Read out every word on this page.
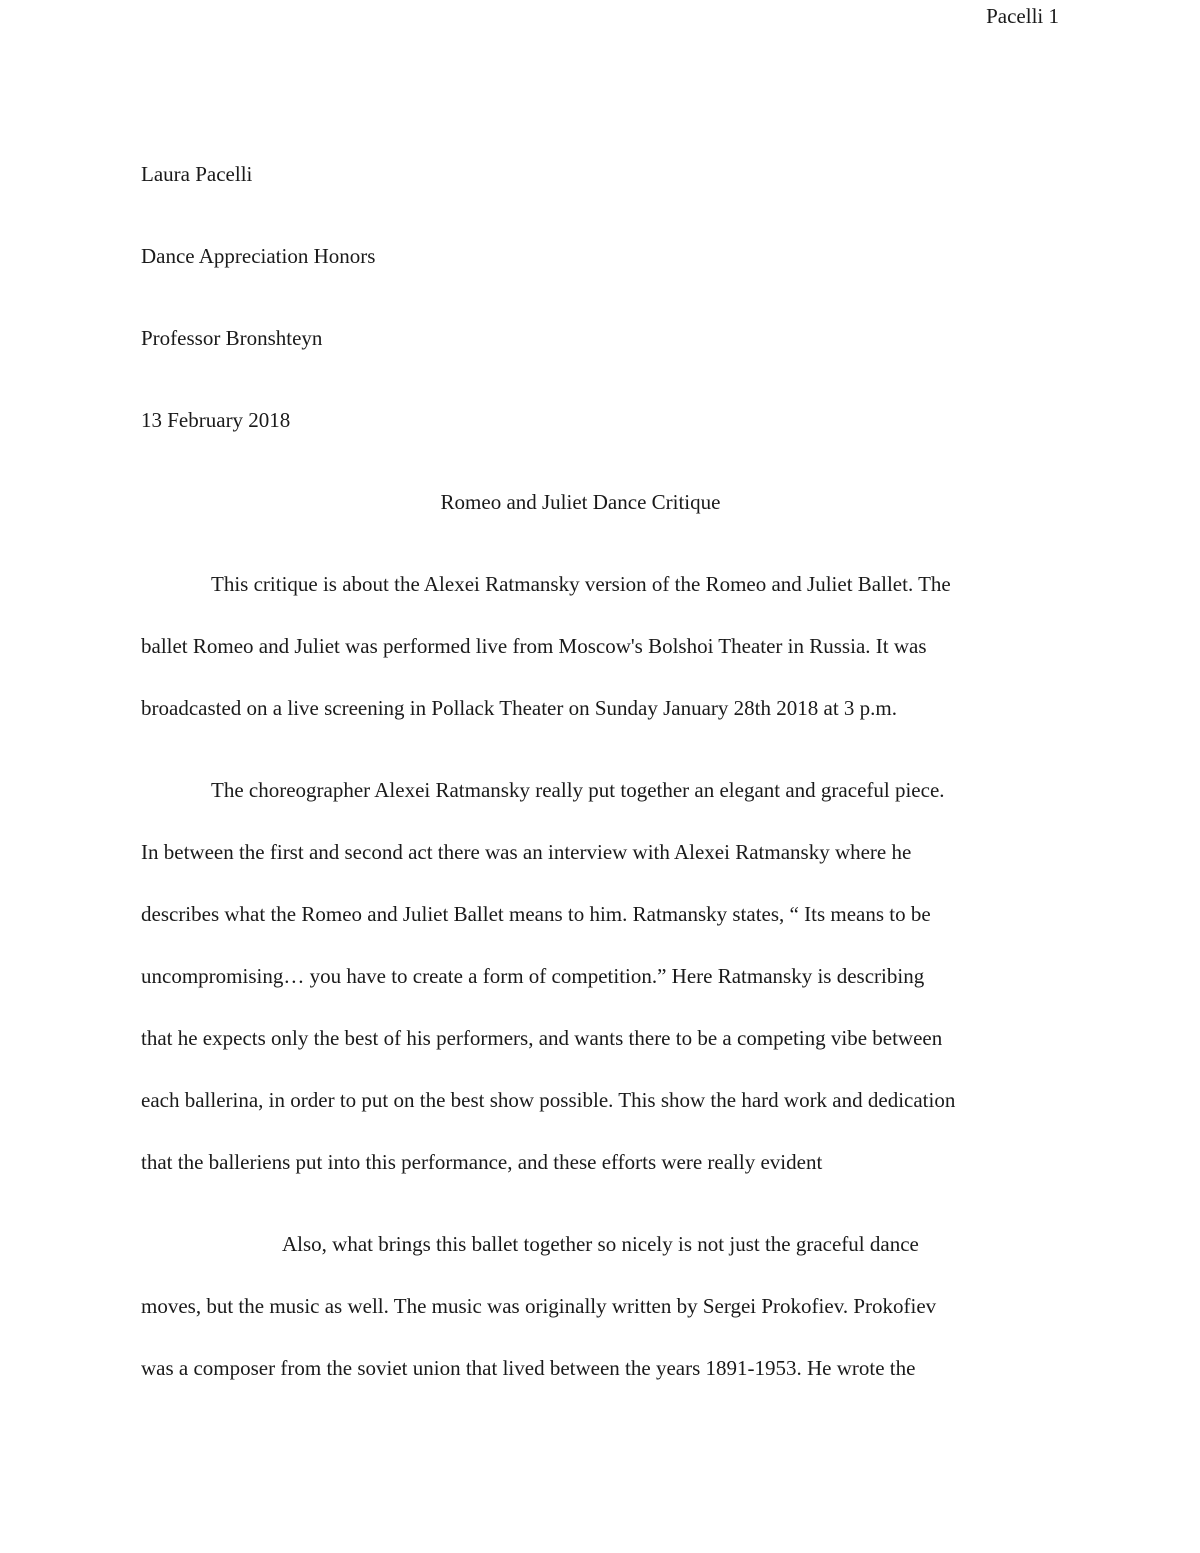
Pacelli 1
Laura Pacelli
Dance Appreciation Honors
Professor Bronshteyn
13 February 2018
Romeo and Juliet Dance Critique
This critique is about the Alexei Ratmansky version of the Romeo and Juliet Ballet. The
ballet Romeo and Juliet was performed live from Moscow's Bolshoi Theater in Russia. It was
broadcasted on a live screening in Pollack Theater on Sunday January 28th 2018 at 3 p.m.
The choreographer Alexei Ratmansky really put together an elegant and graceful piece.
In between the first and second act there was an interview with Alexei Ratmansky where he
describes what the Romeo and Juliet Ballet means to him. Ratmansky states, “ Its means to be
uncompromising… you have to create a form of competition.” Here Ratmansky is describing
that he expects only the best of his performers, and wants there to be a competing vibe between
each ballerina, in order to put on the best show possible. This show the hard work and dedication
that the balleriens put into this performance, and these efforts were really evident
Also, what brings this ballet together so nicely is not just the graceful dance
moves, but the music as well. The music was originally written by Sergei Prokofiev. Prokofiev
was a composer from the soviet union that lived between the years 1891-1953. He wrote the
